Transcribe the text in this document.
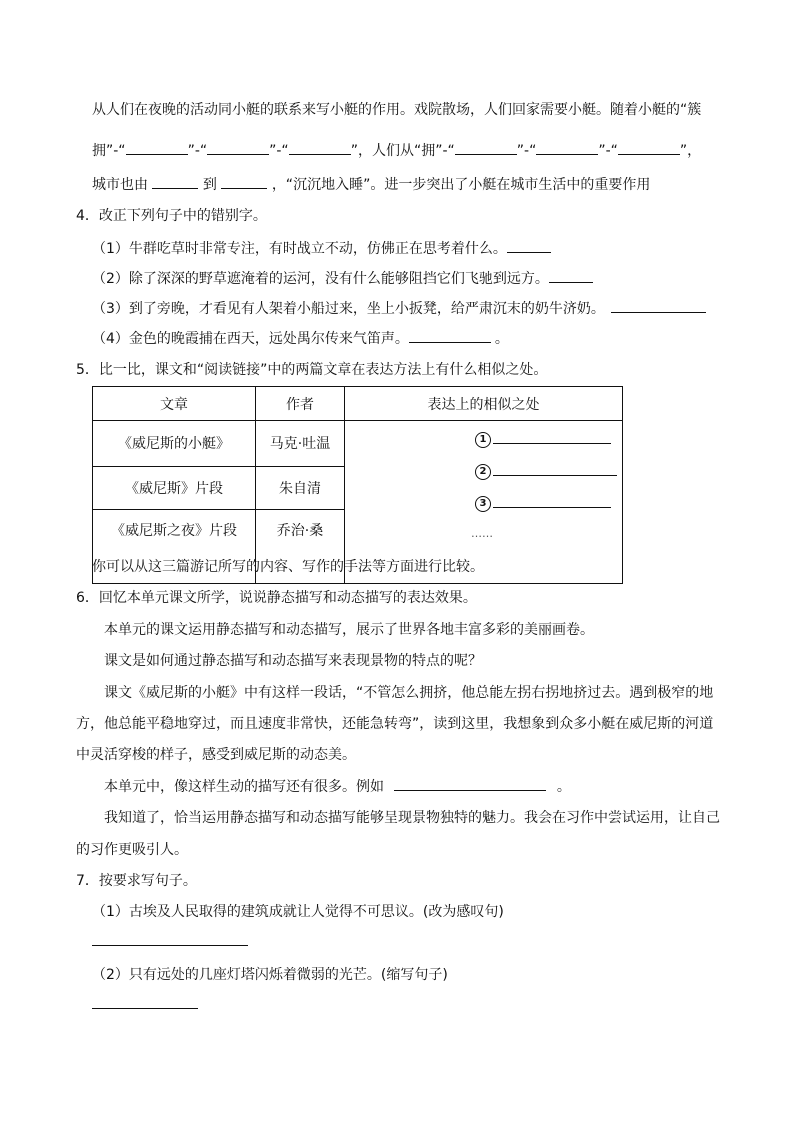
从人们在夜晚的活动同小艇的联系来写小艇的作用。戏院散场，人们回家需要小艇。随着小艇的“簇
拥”-“	”-“	”-“	”，人们从“拥”-“	”-“	”-“	”，
城市也由	到	，“沉沉地入睡”。进一步突出了小艇在城市生活中的重要作用
4．改正下列句子中的错别字。
（1）牛群吃草时非常专注，有时战立不动，仿佛正在思考着什么。
（2）除了深深的野草遮淹着的运河，没有什么能够阻挡它们飞驰到远方。
（3）到了旁晚，才看见有人架着小船过来，坐上小扳凳，给严肃沉末的奶牛济奶。
（4）金色的晚霞捕在西天，远处禺尔传来气笛声。	。
5．比一比，课文和“阅读链接”中的两篇文章在表达方法上有什么相似之处。
文章	作者	表达上的相似之处
《威尼斯的小艇》	马克·吐温	1
2
3
……

《威尼斯》片段	朱自清	
《威尼斯之夜》片段	乔治·桑	
你可以从这三篇游记所写的内容、写作的手法等方面进行比较。
6．回忆本单元课文所学，说说静态描写和动态描写的表达效果。
本单元的课文运用静态描写和动态描写，展示了世界各地丰富多彩的美丽画卷。
课文是如何通过静态描写和动态描写来表现景物的特点的呢？
课文《威尼斯的小艇》中有这样一段话，“不管怎么拥挤，他总能左拐右拐地挤过去。遇到极窄的地
方，他总能平稳地穿过，而且速度非常快，还能急转弯”，读到这里，我想象到众多小艇在威尼斯的河道
中灵活穿梭的样子，感受到威尼斯的动态美。
本单元中，像这样生动的描写还有很多。例如	。
我知道了，恰当运用静态描写和动态描写能够呈现景物独特的魅力。我会在习作中尝试运用，让自己
的习作更吸引人。
7．按要求写句子。
（1）古埃及人民取得的建筑成就让人觉得不可思议。(改为感叹句)
（2）只有远处的几座灯塔闪烁着微弱的光芒。(缩写句子)
